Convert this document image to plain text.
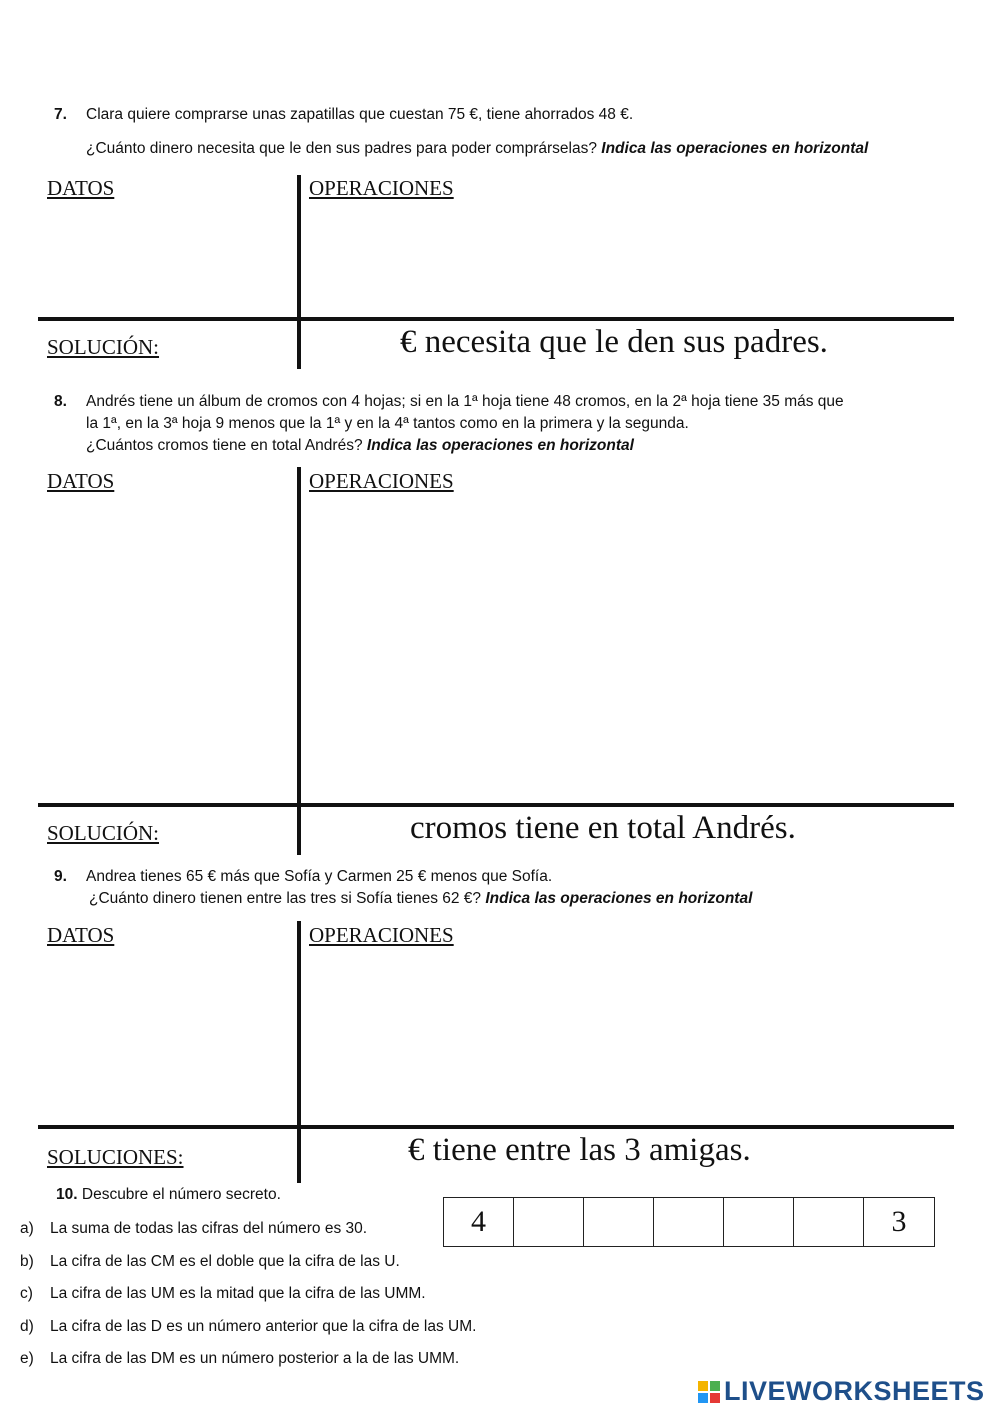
7. Clara quiere comprarse unas zapatillas que cuestan 75 €, tiene ahorrados 48 €.
¿Cuánto dinero necesita que le den sus padres para poder comprárselas? Indica las operaciones en horizontal
DATOS	OPERACIONES
SOLUCIÓN:	€ necesita que le den sus padres.
8. Andrés tiene un álbum de cromos con 4 hojas; si en la 1ª hoja tiene 48 cromos, en la 2ª hoja tiene 35 más que
la 1ª, en la 3ª hoja 9 menos que la 1ª y en la 4ª tantos como en la primera y la segunda.
¿Cuántos cromos tiene en total Andrés? Indica las operaciones en horizontal
DATOS	OPERACIONES
SOLUCIÓN:	cromos tiene en total Andrés.
9. Andrea tienes 65 € más que Sofía y Carmen 25 € menos que Sofía.
¿Cuánto dinero tienen entre las tres si Sofía tienes 62 €? Indica las operaciones en horizontal
DATOS	OPERACIONES
SOLUCIONES:	€ tiene entre las 3 amigas.
10. Descubre el número secreto.
4	3
a) La suma de todas las cifras del número es 30.
b) La cifra de las CM es el doble que la cifra de las U.
c) La cifra de las UM es la mitad que la cifra de las UMM.
d) La cifra de las D es un número anterior que la cifra de las UM.
e) La cifra de las DM es un número posterior a la de las UMM.
LIVEWORKSHEETS
